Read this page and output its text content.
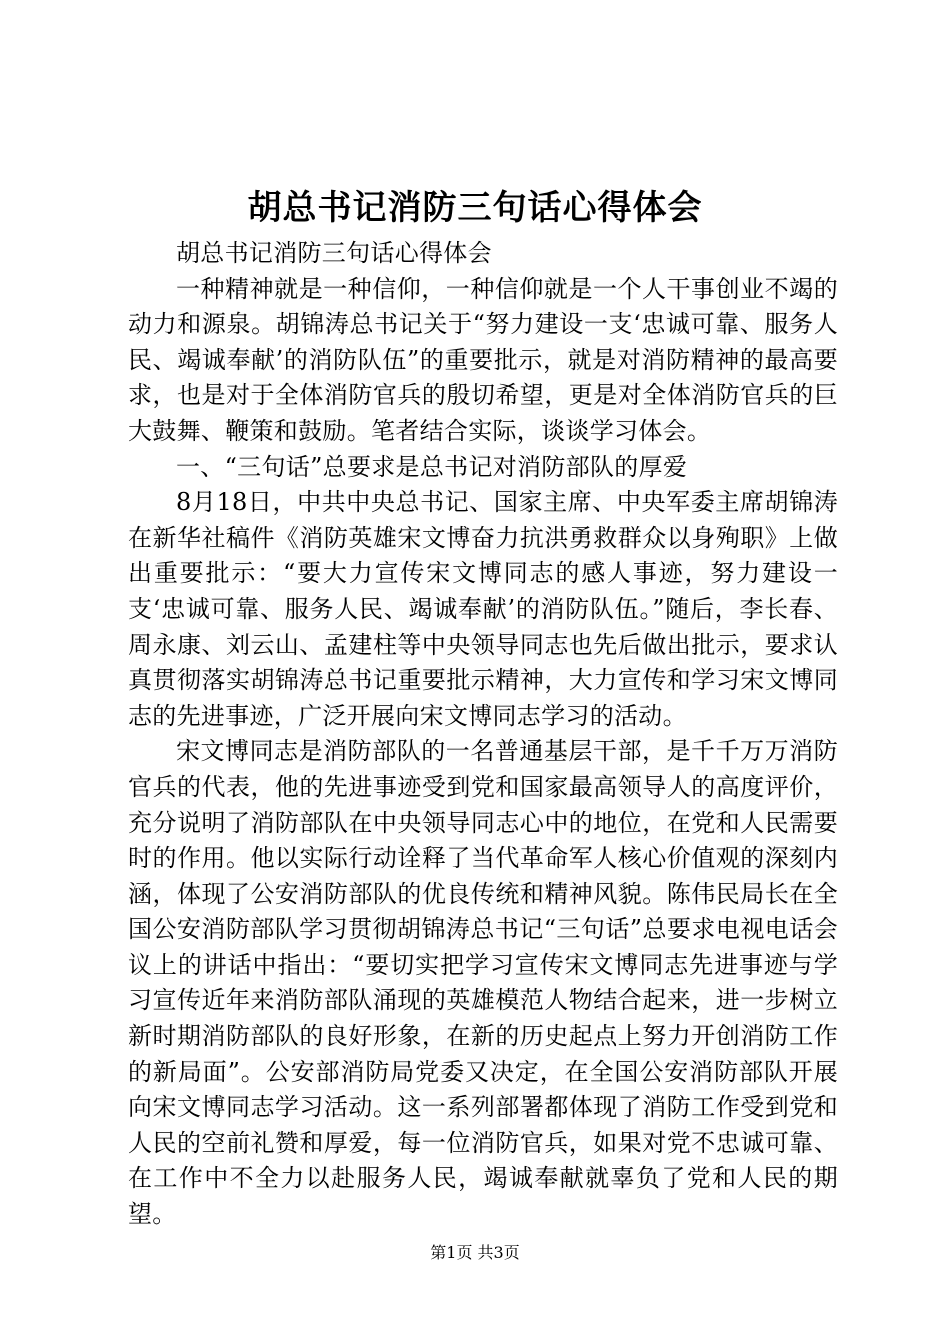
胡总书记消防三句话心得体会

胡总书记消防三句话心得体会

一种精神就是一种信仰，一种信仰就是一个人干事创业不竭的动力和源泉。胡锦涛总书记关于“努力建设一支‘忠诚可靠、服务人民、竭诚奉献’的消防队伍”的重要批示，就是对消防精神的最高要求，也是对于全体消防官兵的殷切希望，更是对全体消防官兵的巨大鼓舞、鞭策和鼓励。笔者结合实际，谈谈学习体会。

一、“三句话”总要求是总书记对消防部队的厚爱

8月18日，中共中央总书记、国家主席、中央军委主席胡锦涛在新华社稿件《消防英雄宋文博奋力抗洪勇救群众以身殉职》上做出重要批示：“要大力宣传宋文博同志的感人事迹，努力建设一支‘忠诚可靠、服务人民、竭诚奉献’的消防队伍。”随后，李长春、周永康、刘云山、孟建柱等中央领导同志也先后做出批示，要求认真贯彻落实胡锦涛总书记重要批示精神，大力宣传和学习宋文博同志的先进事迹，广泛开展向宋文博同志学习的活动。

宋文博同志是消防部队的一名普通基层干部，是千千万万消防官兵的代表，他的先进事迹受到党和国家最高领导人的高度评价，充分说明了消防部队在中央领导同志心中的地位，在党和人民需要时的作用。他以实际行动诠释了当代革命军人核心价值观的深刻内涵，体现了公安消防部队的优良传统和精神风貌。陈伟民局长在全国公安消防部队学习贯彻胡锦涛总书记“三句话”总要求电视电话会议上的讲话中指出：“要切实把学习宣传宋文博同志先进事迹与学习宣传近年来消防部队涌现的英雄模范人物结合起来，进一步树立新时期消防部队的良好形象，在新的历史起点上努力开创消防工作的新局面”。公安部消防局党委又决定，在全国公安消防部队开展向宋文博同志学习活动。这一系列部署都体现了消防工作受到党和人民的空前礼赞和厚爱，每一位消防官兵，如果对党不忠诚可靠、在工作中不全力以赴服务人民，竭诚奉献就辜负了党和人民的期望。

第1页 共3页
